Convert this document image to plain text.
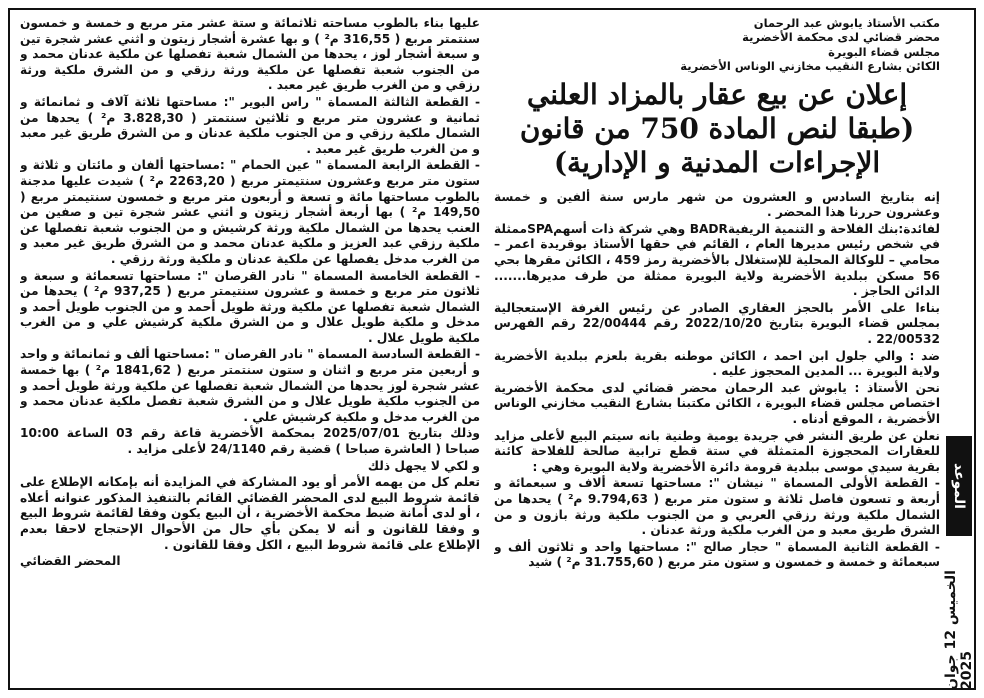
مكتب الأستاذ يابوش عبد الرحمان
محضر قضائي لدى محكمة الأخضرية
مجلس قضاء البويرة
الكائن بشارع النقيب مخازني الوناس الأخضرية
إعلان عن بيع عقار بالمزاد العلني (طبقا لنص المادة 750 من قانون الإجراءات المدنية و الإدارية)

إنه بتاريخ السادس و العشرون من شهر مارس سنة ألفين و خمسة وعشرون حررنا هذا المحضر .

لفائدة:بنك الفلاحة و التنمية الريفيةBADR وهي شركة ذات أسهمSPAممثلة في شخص رئيس مديرها العام ، القائم في حقها الأستاذ بوقريدة اعمر – محامي – للوكالة المحلية للإستغلال بالأخضرية رمز 459 ، الكائن مقرها بحي 56 مسكن ببلدية الأخضرية ولاية البويرة ممثلة من طرف مديرها....... الدائن الحاجز .

بناءا على الأمر بالحجز العقاري الصادر عن رئيس الغرفة الإستعجالية بمجلس قضاء البويرة بتاريخ 2022/10/20 رقم 22/00444 رقم الفهرس 22/00532 .

ضد : والي جلول ابن احمد ، الكائن موطنه بقرية بلعزم ببلدية الأخضرية ولاية البويرة ... المدين المحجوز عليه .

نحن الأستاذ : يابوش عبد الرحمان محضر قضائي لدى محكمة الأخضرية اختصاص مجلس قضاء البويرة ، الكائن مكتبنا بشارع النقيب مخازني الوناس الأخضرية ، الموقع أدناه .

نعلن عن طريق النشر في جريدة يومية وطنية بانه سيتم البيع لأعلى مزايد للعقارات المحجوزة المتمثلة في ستة قطع ترابية صالحة للفلاحة كائنة بقرية سيدي موسى ببلدية قرومة دائرة الأخضرية ولاية البويرة وهي :

- القطعة الأولى المسماة " نيشان ": مساحتها تسعة ألاف و سبعمائة و أربعة و تسعون فاصل ثلاثة و ستون متر مربع ( 9.794,63 م² ) يحدها من الشمال ملكية ورثة رزقي العربي و من الجنوب ملكية ورثة بازون و من الشرق طريق معبد و من الغرب ملكية ورثة عدنان .

- القطعة الثانية المسماة " حجار صالح ": مساحتها واحد و ثلاثون ألف و سبعمائة و خمسة و خمسون و ستون متر مربع ( 31.755,60 م² ) شيد

عليها بناء بالطوب مساحته ثلاثمائة و ستة عشر متر مربع و خمسة و خمسون سنتمتر مربع ( 316,55 م² ) و بها عشرة أشجار زيتون و اثني عشر شجرة تين و سبعة أشجار لوز ، يحدها من الشمال شعبة تفصلها عن ملكية عدنان محمد و من الجنوب شعبة تفصلها عن ملكية ورثة رزقي و من الشرق ملكية ورثة رزقي و من الغرب طريق غير معبد .

- القطعة الثالثة المسماة " راس البوير ": مساحتها ثلاثة آلاف و ثمانمائة و ثمانية و عشرون متر مربع و ثلاثين سنتمتر ( 3.828,30 م² ) يحدها من الشمال ملكية رزقي و من الجنوب ملكية عدنان و من الشرق طريق غير معبد و من الغرب طريق غير معبد .

- القطعة الرابعة المسماة " عين الحمام " :مساحتها ألفان و مائتان و ثلاثة و ستون متر مربع وعشرون سنتيمتر مربع ( 2263,20 م² ) شيدت عليها مدجنة بالطوب مساحتها مائة و تسعة و أربعون متر مربع و خمسون سنتيمتر مربع ( 149,50 م² ) بها أربعة أشجار زيتون و اثني عشر شجرة تين و صفين من العنب يحدها من الشمال ملكية ورثة كرشيش و من الجنوب شعبة تفصلها عن ملكية رزقي عبد العزيز و ملكية عدنان محمد و من الشرق طريق غير معبد و من الغرب مدخل يفصلها عن ملكية عدنان و ملكية ورثة رزقي .

- القطعة الخامسة المسماة " نادر القرصان ": مساحتها تسعمائة و سبعة و ثلاثون متر مربع و خمسة و عشرون سنتيمتر مربع ( 937,25 م² ) يحدها من الشمال شعبة تفصلها عن ملكية ورثة طويل أحمد و من الجنوب طويل أحمد و مدخل و ملكية طويل علال و من الشرق ملكية كرشيش علي و من الغرب ملكية طويل علال .

- القطعة السادسة المسماة " نادر القرصان " :مساحتها ألف و ثمانمائة و واحد و أربعين متر مربع و اثنان و ستون سنتمتر مربع ( 1841,62 م² ) بها خمسة عشر شجرة لوز يحدها من الشمال شعبة تفصلها عن ملكية ورثة طويل أحمد و من الجنوب ملكية طويل علال و من الشرق شعبة تفصل ملكية عدنان محمد و من الغرب مدخل و ملكية كرشيش علي .

وذلك بتاريخ 2025/07/01 بمحكمة الأخضرية قاعة رقم 03 الساعة 10:00 صباحا ( العاشرة صباحا ) قضية رقم 24/1140 لأعلى مزايد .

و لكي لا يجهل ذلك

تعلم كل من يهمه الأمر أو يود المشاركة في المزايدة أنه بإمكانه الإطلاع على قائمة شروط البيع لدى المحضر القضائي القائم بالتنفيذ المذكور عنوانه أعلاه ، أو لدى أمانة ضبط محكمة الأخضرية ، أن البيع يكون وفقا لقائمة شروط البيع و وفقا للقانون و أنه لا يمكن بأي حال من الأحوال الإحتجاج لاحقا بعدم الإطلاع على قائمة شروط البيع ، الكل وفقا للقانون .

المحضر القضائي
الموعد
الخميس 12 جوان 2025
